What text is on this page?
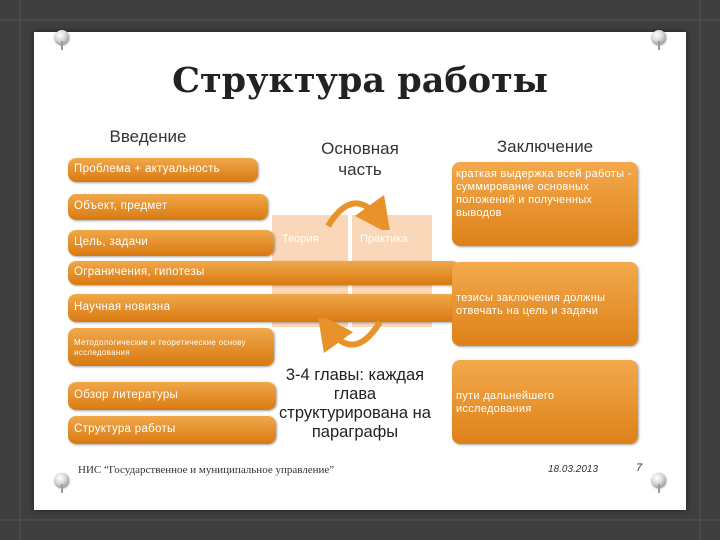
Структура работы
Введение
Основная часть
Заключение
Проблема + актуальность
Объект, предмет
Цель, задачи
Ограничения, гипотезы
Научная новизна
Методологические и теоретические основу исследования
Обзор литературы
Структура работы
Теория	Практика
краткая выдержка всей работы - суммирование основных положений и полученных выводов
тезисы заключения должны отвечать на цель и задачи
пути дальнейшего исследования
3-4 главы: каждая глава структурирована на параграфы
НИС “Государственное и муниципальное управление”	18.03.2013	7
